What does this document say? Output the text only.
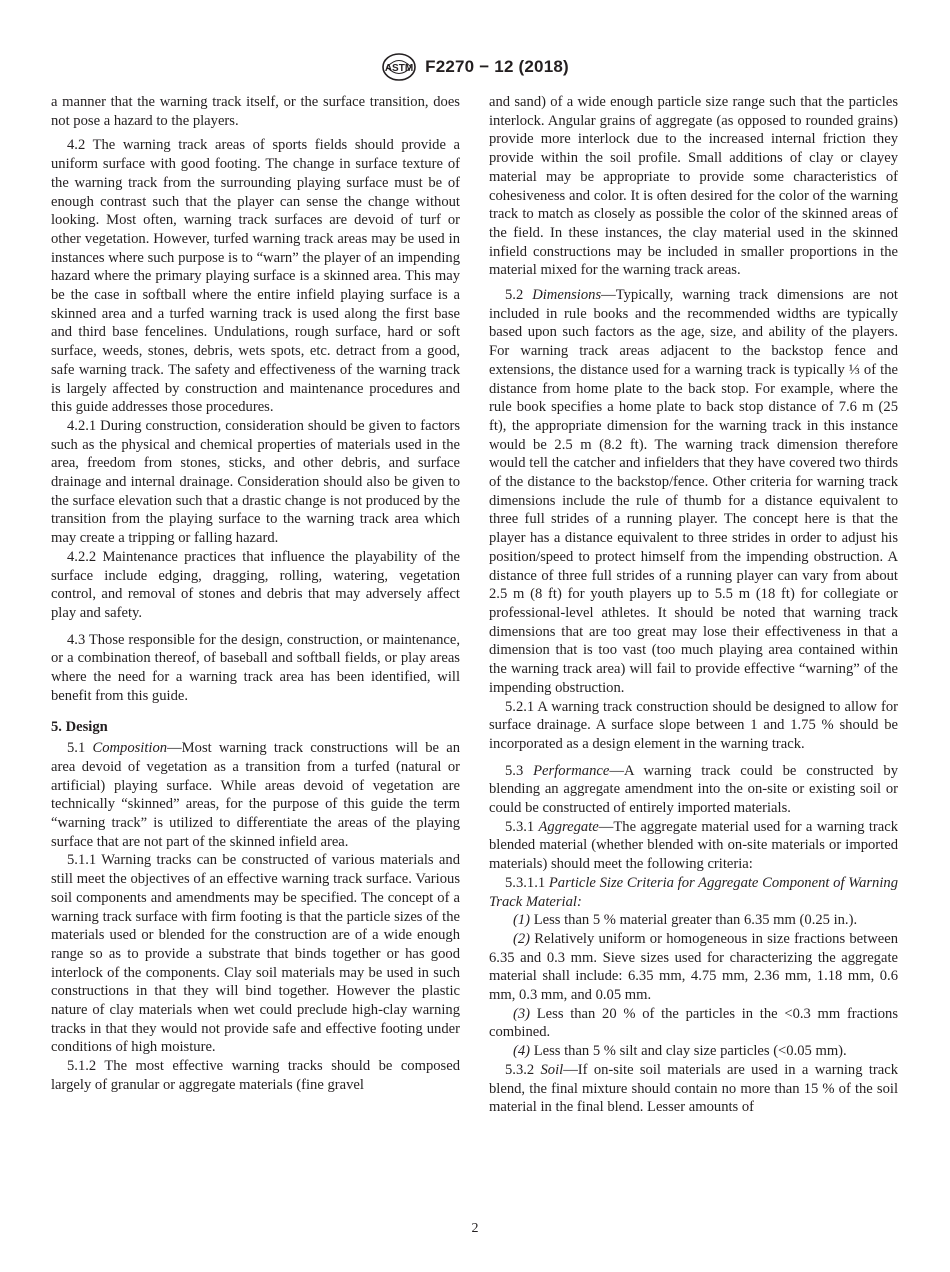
ASTM F2270 − 12 (2018)

a manner that the warning track itself, or the surface transition, does not pose a hazard to the players.

4.2 The warning track areas of sports fields should provide a uniform surface with good footing. The change in surface texture of the warning track from the surrounding playing surface must be of enough contrast such that the player can sense the change without looking. Most often, warning track surfaces are devoid of turf or other vegetation. However, turfed warning track areas may be used in instances where such purpose is to “warn” the player of an impending hazard where the primary playing surface is a skinned area. This may be the case in softball where the entire infield playing surface is a skinned area and a turfed warning track is used along the first base and third base fencelines. Undulations, rough surface, hard or soft surface, weeds, stones, debris, wets spots, etc. detract from a good, safe warning track. The safety and effectiveness of the warning track is largely affected by construction and maintenance procedures and this guide addresses those procedures.

4.2.1 During construction, consideration should be given to factors such as the physical and chemical properties of materials used in the area, freedom from stones, sticks, and other debris, and surface drainage and internal drainage. Consideration should also be given to the surface elevation such that a drastic change is not produced by the transition from the playing surface to the warning track area which may create a tripping or falling hazard.

4.2.2 Maintenance practices that influence the playability of the surface include edging, dragging, rolling, watering, vegetation control, and removal of stones and debris that may adversely affect play and safety.

4.3 Those responsible for the design, construction, or maintenance, or a combination thereof, of baseball and softball fields, or play areas where the need for a warning track area has been identified, will benefit from this guide.

5. Design

5.1 Composition—Most warning track constructions will be an area devoid of vegetation as a transition from a turfed (natural or artificial) playing surface. While areas devoid of vegetation are technically “skinned” areas, for the purpose of this guide the term “warning track” is utilized to differentiate the areas of the playing surface that are not part of the skinned infield area.

5.1.1 Warning tracks can be constructed of various materials and still meet the objectives of an effective warning track surface. Various soil components and amendments may be specified. The concept of a warning track surface with firm footing is that the particle sizes of the materials used or blended for the construction are of a wide enough range so as to provide a substrate that binds together or has good interlock of the components. Clay soil materials may be used in such constructions in that they will bind together. However the plastic nature of clay materials when wet could preclude high-clay warning tracks in that they would not provide safe and effective footing under conditions of high moisture.

5.1.2 The most effective warning tracks should be composed largely of granular or aggregate materials (fine gravel

and sand) of a wide enough particle size range such that the particles interlock. Angular grains of aggregate (as opposed to rounded grains) provide more interlock due to the increased internal friction they provide within the soil profile. Small additions of clay or clayey material may be appropriate to provide some characteristics of cohesiveness and color. It is often desired for the color of the warning track to match as closely as possible the color of the skinned areas of the field. In these instances, the clay material used in the skinned infield constructions may be included in smaller proportions in the material mixed for the warning track areas.

5.2 Dimensions—Typically, warning track dimensions are not included in rule books and the recommended widths are typically based upon such factors as the age, size, and ability of the players. For warning track areas adjacent to the backstop fence and extensions, the distance used for a warning track is typically ⅓ of the distance from home plate to the back stop. For example, where the rule book specifies a home plate to back stop distance of 7.6 m (25 ft), the appropriate dimension for the warning track in this instance would be 2.5 m (8.2 ft). The warning track dimension therefore would tell the catcher and infielders that they have covered two thirds of the distance to the backstop/fence. Other criteria for warning track dimensions include the rule of thumb for a distance equivalent to three full strides of a running player. The concept here is that the player has a distance equivalent to three strides in order to adjust his position/speed to protect himself from the impending obstruction. A distance of three full strides of a running player can vary from about 2.5 m (8 ft) for youth players up to 5.5 m (18 ft) for collegiate or professional-level athletes. It should be noted that warning track dimensions that are too great may lose their effectiveness in that a dimension that is too vast (too much playing area contained within the warning track area) will fail to provide effective “warning” of the impending obstruction.

5.2.1 A warning track construction should be designed to allow for surface drainage. A surface slope between 1 and 1.75 % should be incorporated as a design element in the warning track.

5.3 Performance—A warning track could be constructed by blending an aggregate amendment into the on-site or existing soil or could be constructed of entirely imported materials.

5.3.1 Aggregate—The aggregate material used for a warning track blended material (whether blended with on-site materials or imported materials) should meet the following criteria:

5.3.1.1 Particle Size Criteria for Aggregate Component of Warning Track Material:

(1) Less than 5 % material greater than 6.35 mm (0.25 in.).

(2) Relatively uniform or homogeneous in size fractions between 6.35 and 0.3 mm. Sieve sizes used for characterizing the aggregate material shall include: 6.35 mm, 4.75 mm, 2.36 mm, 1.18 mm, 0.6 mm, 0.3 mm, and 0.05 mm.

(3) Less than 20 % of the particles in the <0.3 mm fractions combined.

(4) Less than 5 % silt and clay size particles (<0.05 mm).

5.3.2 Soil—If on-site soil materials are used in a warning track blend, the final mixture should contain no more than 15 % of the soil material in the final blend. Lesser amounts of

2
